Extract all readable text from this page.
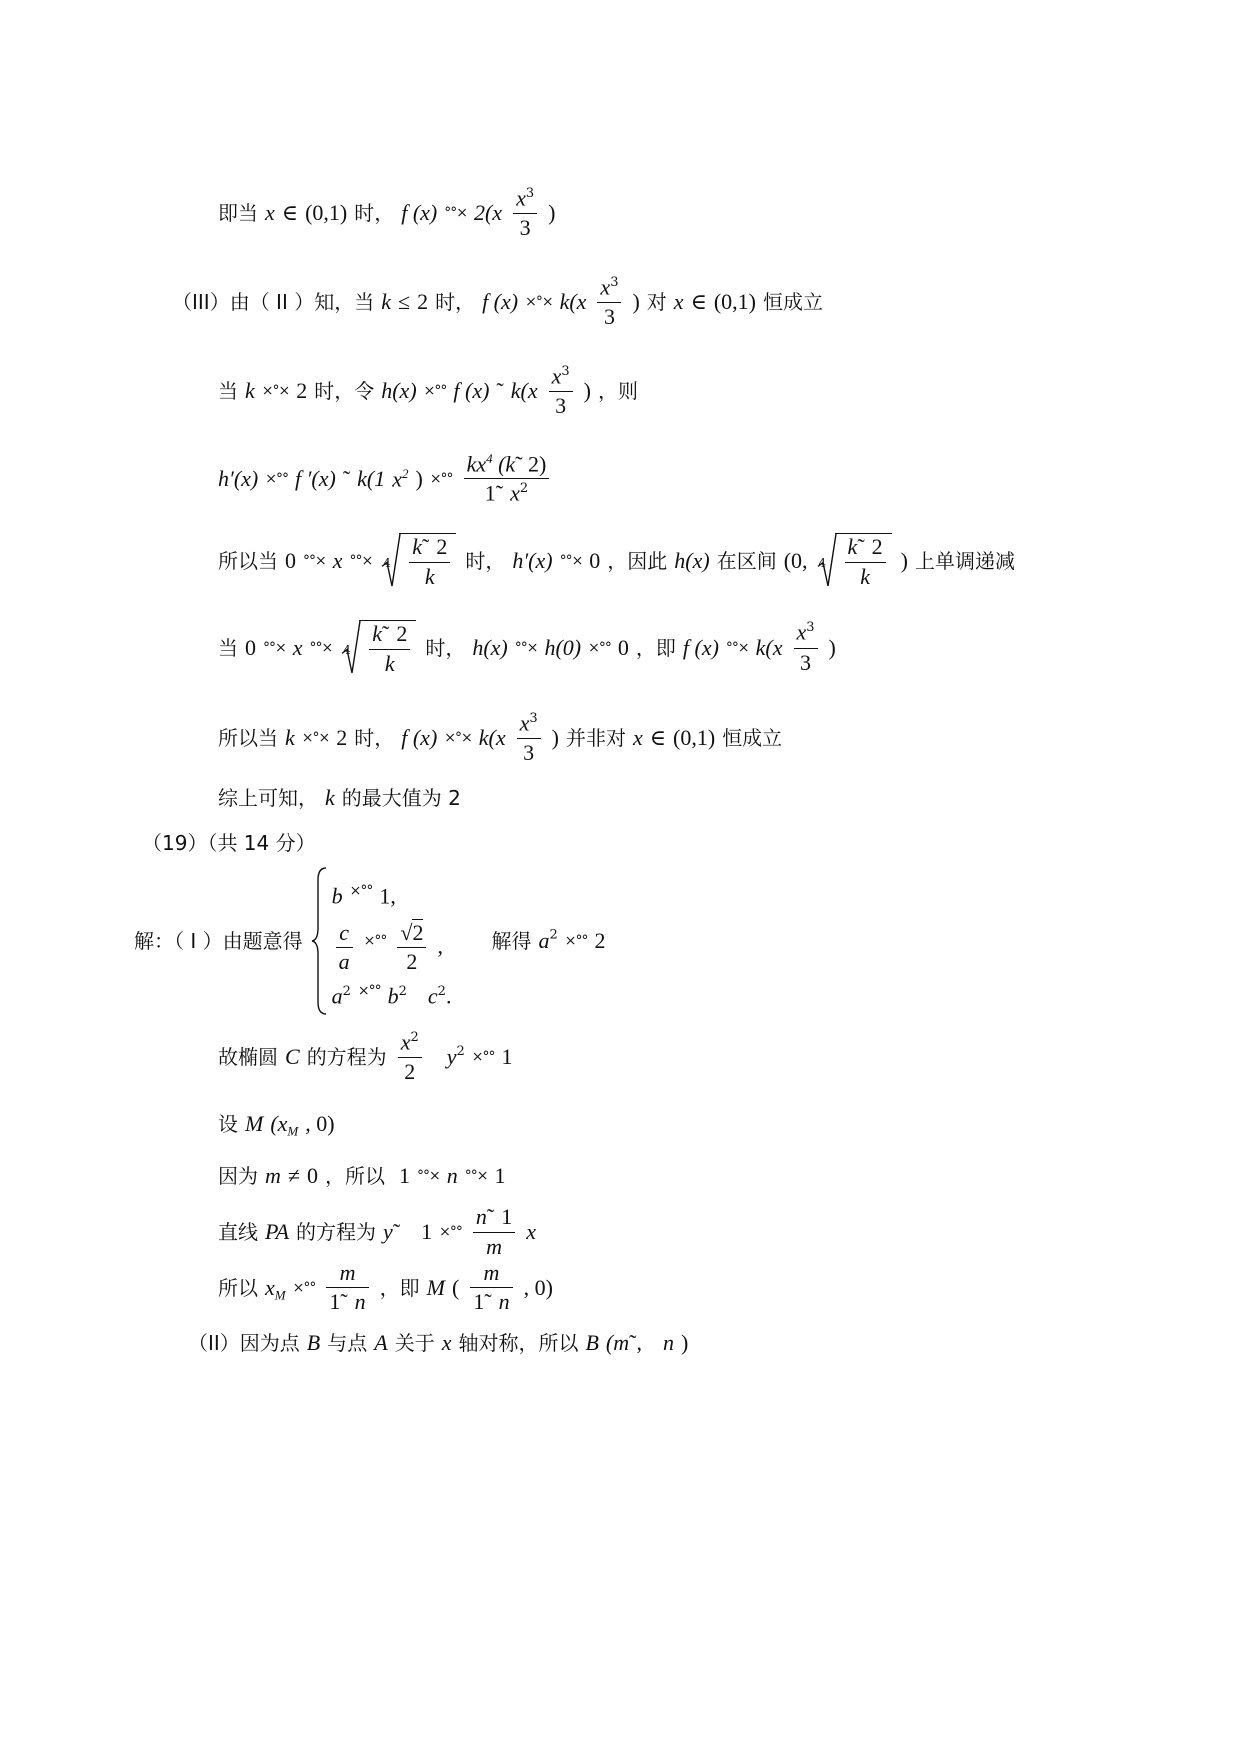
即当 x ∈ (0,1) 时， f (x) °°× $2(x \frac{x^3}{3}$ )
（III）由（ II ）知，当 k ≤ 2 时， f (x) ×°× $k(x \frac{x^3}{3}$ ) 对 x ∈ (0,1) 恒成立
当 k ×°× 2 时，令 h(x) ×°° f (x) ˜ $k(x \frac{x^3}{3}$ ) ，则
h′(x) ×°° f ′(x) ˜ k(1 $x^2$ ) ×°° $\frac{kx^4 (k˜ 2)}{1˜ x^2}$
所以当 0 °°× x °°× $4 \frac{k˜ 2}{k}$ 时， h′(x) °°× 0 ，因此 h(x) 在区间 (0, $4 \frac{k˜ 2}{k}$ ) 上单调递减
当 0 °°× x °°× $4 \frac{k˜ 2}{k}$ 时， h(x) °°× h(0) ×°° 0 ，即 f (x) °°× $k(x \frac{x^3}{3}$ )
所以当 k ×°× 2 时， f (x) ×°× $k(x \frac{x^3}{3}$ ) 并非对 x ∈ (0,1) 恒成立
综上可知， k 的最大值为 2
（19）（共 14 分）
解：（ I ）由题意得
b ×°° 1,
$\frac{c}{a} ^{\times^\circ^\circ} \frac{√2}{2}$ ,
$a^2$ ×°° $b^2$ $c^2$.
解得 $a^2$ ×°° 2
故椭圆 C 的方程为 $\frac{x^2}{2} y^2$ ×°° 1
设 M ($x_M$ , 0)
因为 m ≠ 0 ，所以 1 °°× n °°× 1
直线 PA 的方程为 y˜ 1 ×°° $\frac{n˜ 1}{m}$ x
所以 $x_M$ ×°° $\frac{m}{1˜ n}$ ，即 M ( $\frac{m}{1˜ n}$ , 0)
（II）因为点 B 与点 A 关于 x 轴对称，所以 B (m˜, n )
